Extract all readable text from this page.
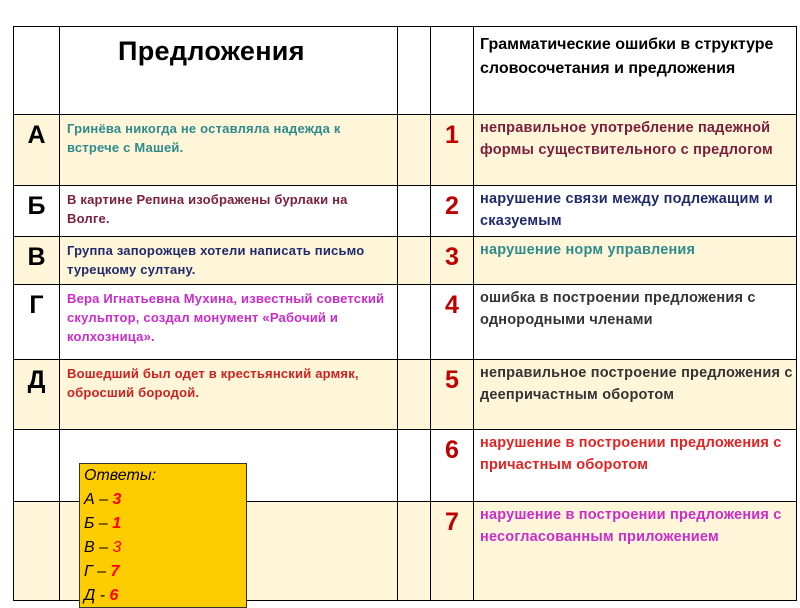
	Предложения			Грамматические ошибки в структуре словосочетания и предложения

А	Гринёва никогда не оставляла надежда к встрече с Машей.		1	неправильное употребление падежной формы существительного с предлогом

Б	В картине Репина изображены бурлаки на Волге.		2	нарушение связи между подлежащим и сказуемым

В	Группа запорожцев хотели написать письмо турецкому султану.		3	нарушение норм управления

Г	Вера Игнатьевна Мухина, известный советский скульптор, создал монумент «Рабочий и колхозница».		4	ошибка в построении предложения с однородными членами

Д	Вошедший был одет в крестьянский армяк, обросший бородой.		5	неправильное построение предложения с деепричастным оборотом

			6	нарушение в построении предложения с причастным оборотом

			7	нарушение в построении предложения с несогласованным приложением
Ответы:
А – 3
Б – 1
В – 3
Г – 7
Д - 6
